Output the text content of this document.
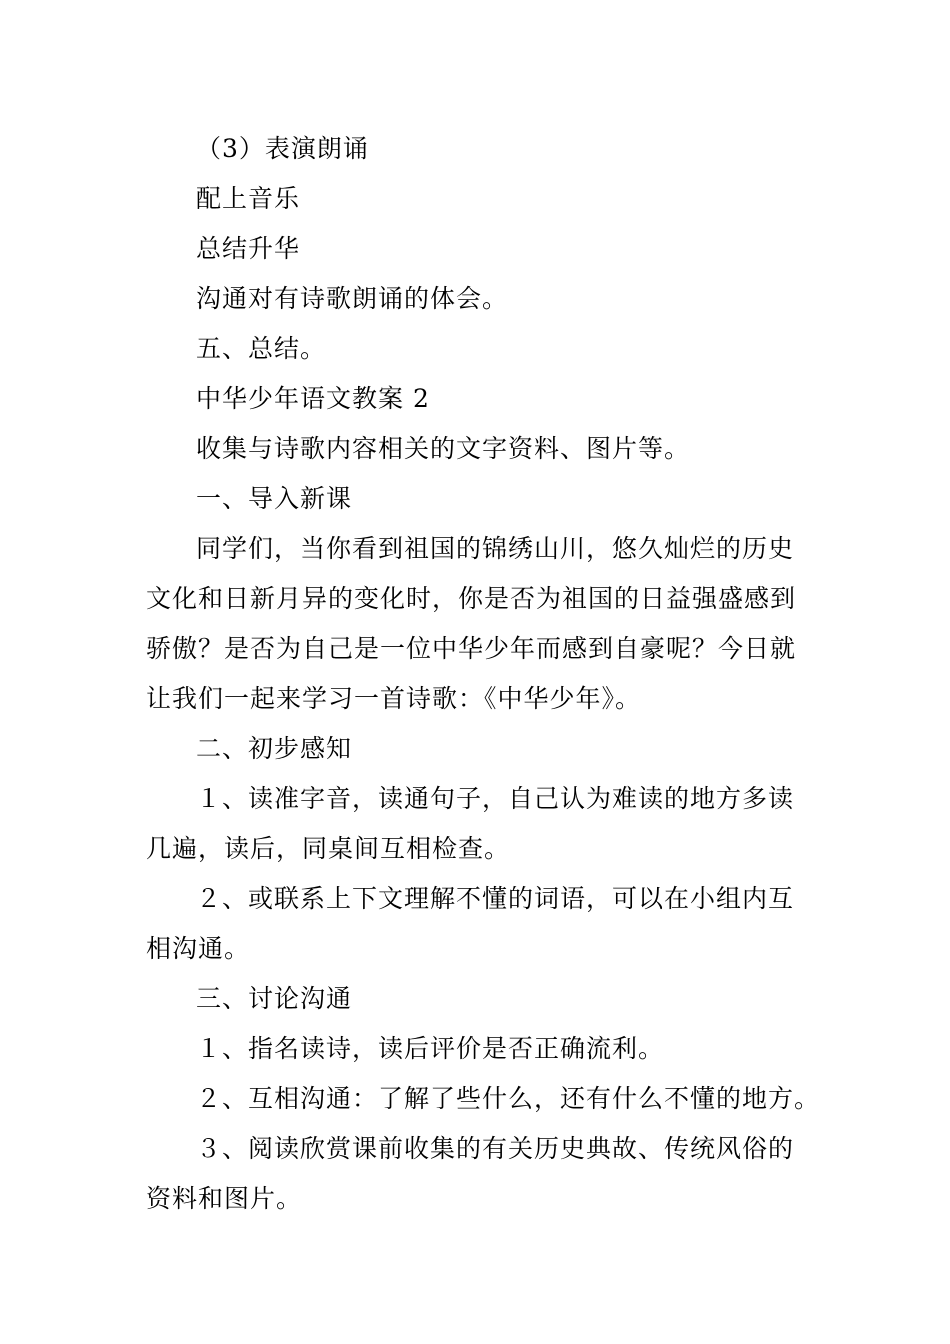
（3）表演朗诵
配上音乐
总结升华
沟通对有诗歌朗诵的体会。
五、总结。
中华少年语文教案 2
收集与诗歌内容相关的文字资料、图片等。
一、导入新课
同学们，当你看到祖国的锦绣山川，悠久灿烂的历史
文化和日新月异的变化时，你是否为祖国的日益强盛感到
骄傲？是否为自己是一位中华少年而感到自豪呢？今日就
让我们一起来学习一首诗歌：《中华少年》。
二、初步感知
１、读准字音，读通句子，自己认为难读的地方多读
几遍，读后，同桌间互相检查。
２、或联系上下文理解不懂的词语，可以在小组内互
相沟通。
三、讨论沟通
１、指名读诗，读后评价是否正确流利。
２、互相沟通：了解了些什么，还有什么不懂的地方。
３、阅读欣赏课前收集的有关历史典故、传统风俗的
资料和图片。
